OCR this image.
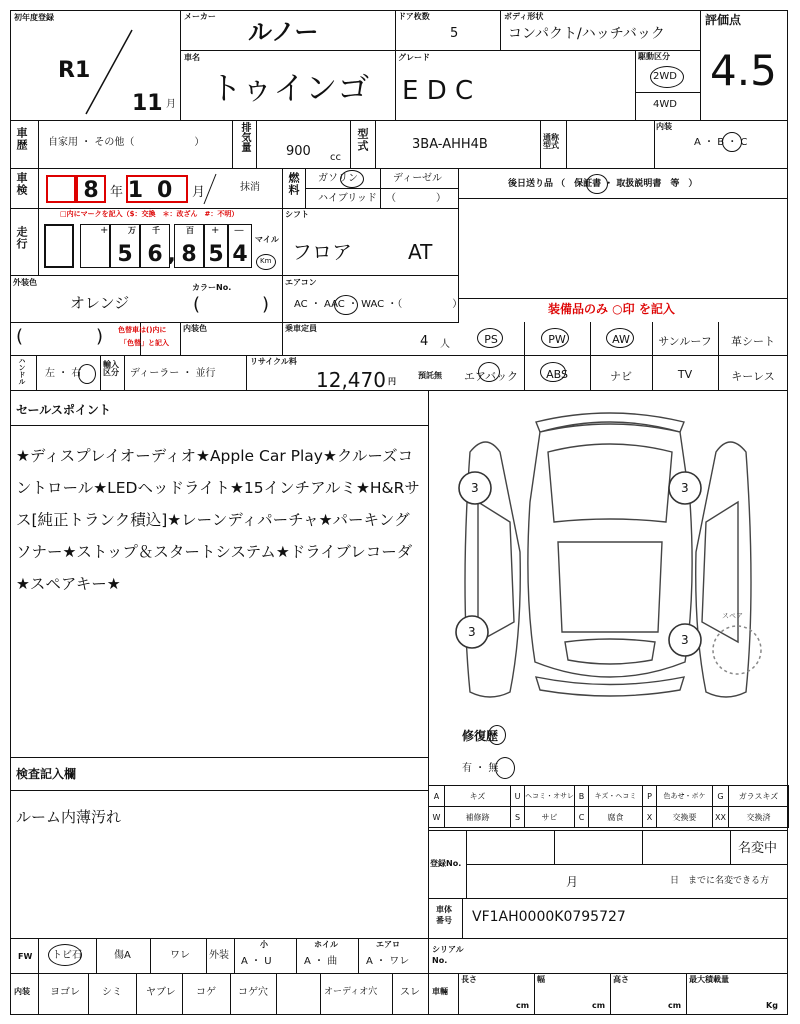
初年度登録
R1
11 月
メーカー
ルノー
ドア枚数
5
ボディ形状
コンパクト/ハッチバック
評価点
4.5
車名
トゥインゴ
グレード
E D C
駆動区分
2WD
4WD
車歴 自家用 ・ その他（　　　　　　）	排気量	900 cc
型式	3BA-AHH4B	通称型式
内装
A ・ B ・ C
車検	8 年 10 月	抹消 燃料 ガソリン	ディーゼル
ハイブリッド （　　　　）
後日送り品 （　保証書 ・ 取扱説明書　等　）
走行
□内にマークを記入（$：交換　＊：改ざん　#：不明）
+ 万 千	百 + —
5 6 , 8 5 4
マイル
Km
シフト
フロア	AT
外装色
オレンジ
カラーNo.
(	)
エアコン
AC ・ AAC ・ WAC ・（　　　　　）	装備品のみ ○印 を記入
(	) 色替車は()内に
「色替」と記入
内装色	乗車定員
4 人	PS	PW	AW	サンルーフ	革シート
ハンドル 左 ・ 右
輸入区分	ディーラー ・ 並行
リサイクル料
12,470 円
預託無	エアバック	ABS	ナビ	TV	キーレス
セールスポイント
★ディスプレイオーディオ★Apple Car Play★クルーズコントロール★LEDヘッドライト★15インチアルミ★H&Rサス[純正トランク積込]★レーンディパーチャ★パーキングソナー★ストップ＆スタートシステム★ドライブレコーダ★スペアキー★
検査記入欄
ルーム内薄汚れ
3	3
3
3
スペア
修復歴
有 ・ 無
A	キズ	U	ヘコミ・オサレ	B	キズ・ヘコミ	P	色あせ・ボケ	G	ガラスキズ
W	補修跡	S	サビ	C	腐食	X	交換要	XX	交換済
登録No.
名変中
月	日　までに名変できる方
車体番号	VF1AH0000K0795727
FW トビ石	傷A	ワレ 外装
小
A ・ U
ホイル
A ・ 曲
エアロ
A ・ ワレ
シリアルNo.
内装 ヨゴレ シミ ヤブレ コゲ コゲ穴	オーディオ穴 スレ 車輛
長さ
cm
幅
cm
高さ
cm
最大積載量
Kg
